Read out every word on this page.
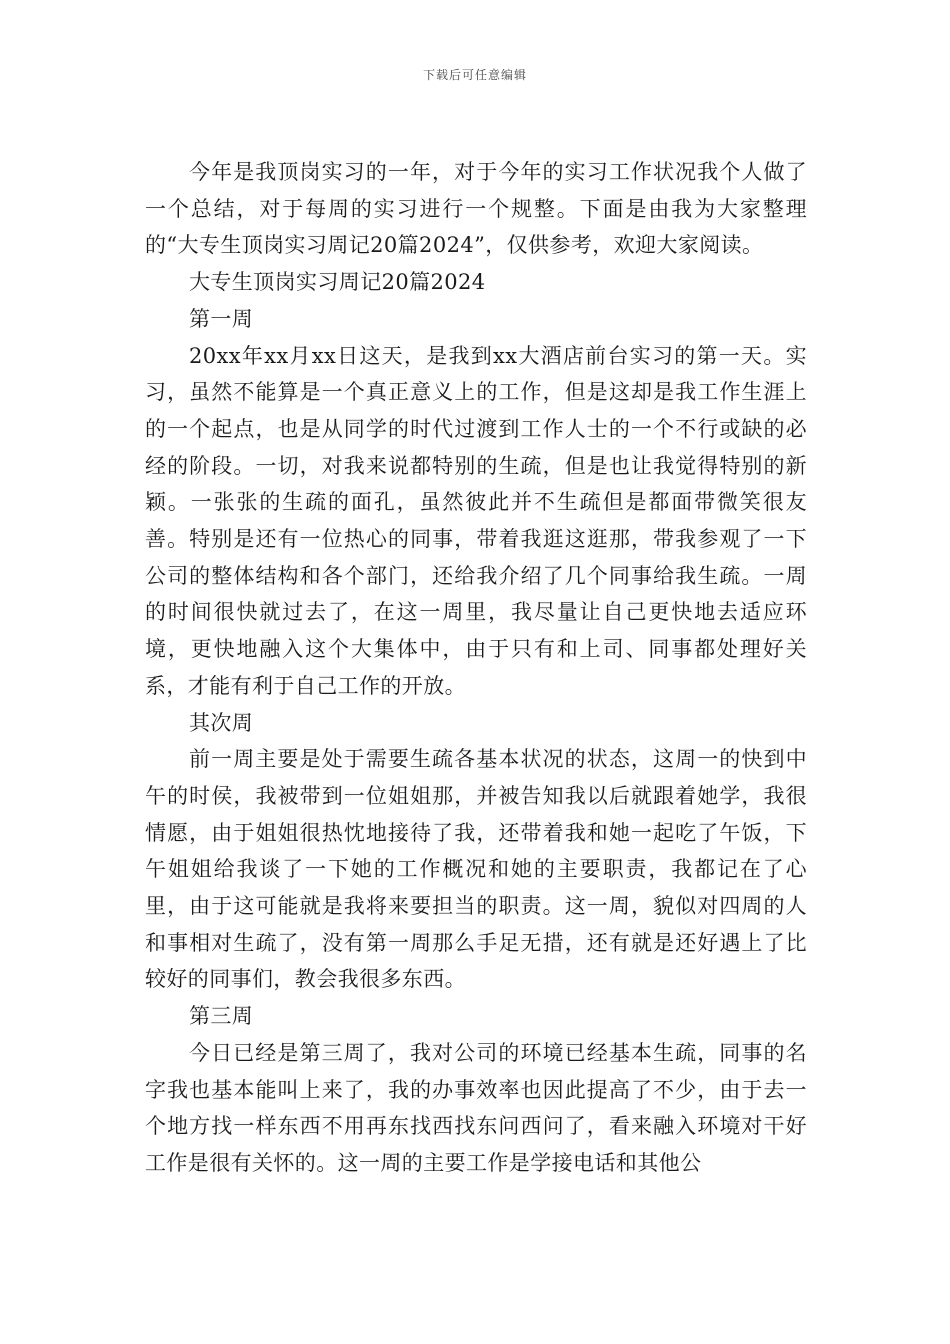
下载后可任意编辑

今年是我顶岗实习的一年，对于今年的实习工作状况我个人做了一个总结，对于每周的实习进行一个规整。下面是由我为大家整理的“大专生顶岗实习周记20篇2024”，仅供参考，欢迎大家阅读。

大专生顶岗实习周记20篇2024

第一周

20xx年xx月xx日这天，是我到xx大酒店前台实习的第一天。实习，虽然不能算是一个真正意义上的工作，但是这却是我工作生涯上的一个起点，也是从同学的时代过渡到工作人士的一个不行或缺的必经的阶段。一切，对我来说都特别的生疏，但是也让我觉得特别的新颖。一张张的生疏的面孔，虽然彼此并不生疏但是都面带微笑很友善。特别是还有一位热心的同事，带着我逛这逛那，带我参观了一下公司的整体结构和各个部门，还给我介绍了几个同事给我生疏。一周的时间很快就过去了，在这一周里，我尽量让自己更快地去适应环境，更快地融入这个大集体中，由于只有和上司、同事都处理好关系，才能有利于自己工作的开放。

其次周

前一周主要是处于需要生疏各基本状况的状态，这周一的快到中午的时侯，我被带到一位姐姐那，并被告知我以后就跟着她学，我很情愿，由于姐姐很热忱地接待了我，还带着我和她一起吃了午饭，下午姐姐给我谈了一下她的工作概况和她的主要职责，我都记在了心里，由于这可能就是我将来要担当的职责。这一周，貌似对四周的人和事相对生疏了，没有第一周那么手足无措，还有就是还好遇上了比较好的同事们，教会我很多东西。

第三周

今日已经是第三周了，我对公司的环境已经基本生疏，同事的名字我也基本能叫上来了，我的办事效率也因此提高了不少，由于去一个地方找一样东西不用再东找西找东问西问了，看来融入环境对干好工作是很有关怀的。这一周的主要工作是学接电话和其他公
